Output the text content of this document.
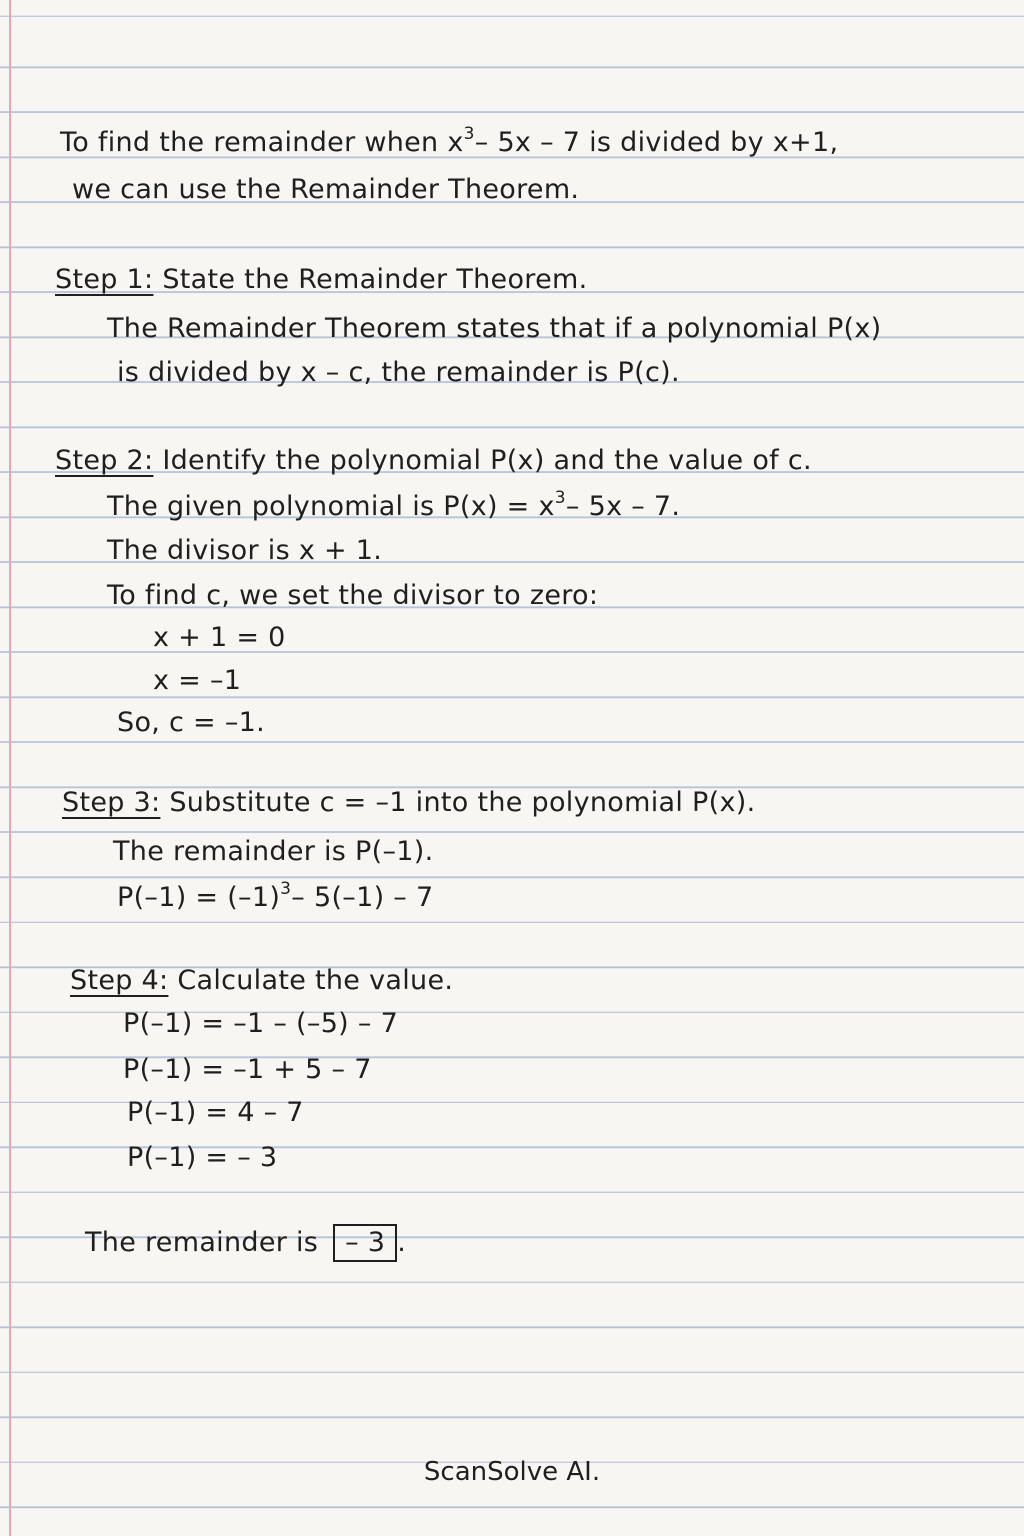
To find the remainder when $x^3-$ 5x – 7 is divided by x+1,
we can use the Remainder Theorem.
Step 1: State the Remainder Theorem.
The Remainder Theorem states that if a polynomial P(x)
is divided by x – c, the remainder is P(c).
Step 2: Identify the polynomial P(x) and the value of c.
The given polynomial is $P(x) = x^3-$ 5x – 7.
The divisor is x + 1.
To find c, we set the divisor to zero:
x + 1 = 0
x = –1
So, c = –1.
Step 3: Substitute c = –1 into the polynomial P(x).
The remainder is P(–1).
$P(-1) = (-1)^3-$ 5(–1) – 7
Step 4: Calculate the value.
P(–1) = –1 – (–5) – 7
P(–1) = –1 + 5 – 7
P(–1) = 4 – 7
P(–1) = – 3
The remainder is – 3 .
ScanSolve AI.
